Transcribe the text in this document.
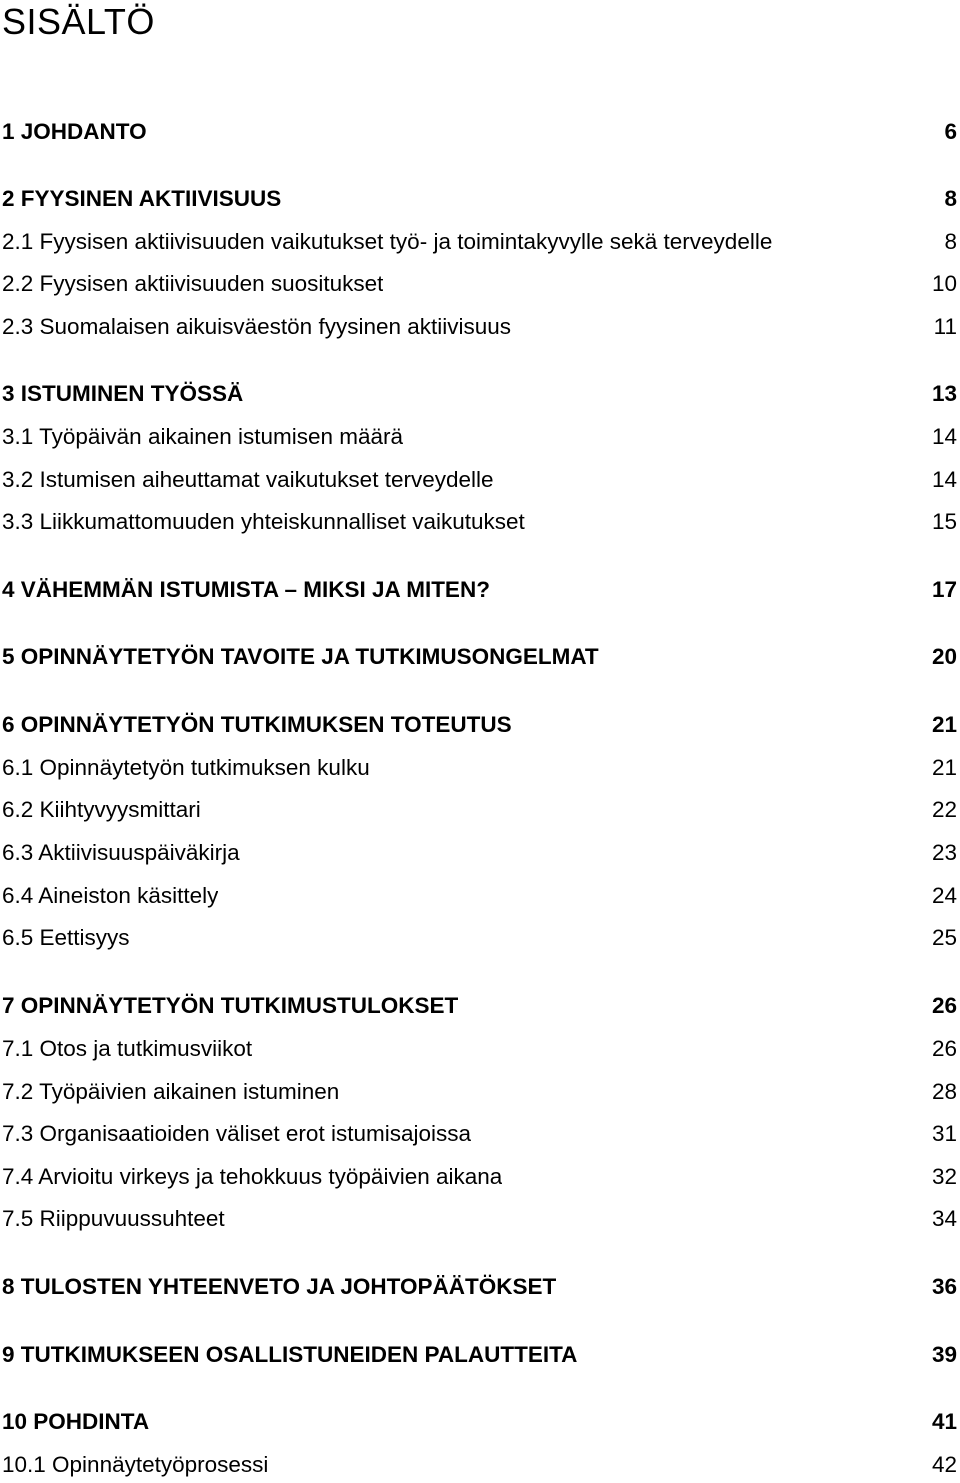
SISÄLTÖ
1 JOHDANTO	6
2 FYYSINEN AKTIIVISUUS	8
2.1 Fyysisen aktiivisuuden vaikutukset työ- ja toimintakyvylle sekä terveydelle	8
2.2 Fyysisen aktiivisuuden suositukset	10
2.3 Suomalaisen aikuisväestön fyysinen aktiivisuus	11
3 ISTUMINEN TYÖSSÄ	13
3.1 Työpäivän aikainen istumisen määrä	14
3.2 Istumisen aiheuttamat vaikutukset terveydelle	14
3.3 Liikkumattomuuden yhteiskunnalliset vaikutukset	15
4 VÄHEMMÄN ISTUMISTA – MIKSI JA MITEN?	17
5 OPINNÄYTETYÖN TAVOITE JA TUTKIMUSONGELMAT	20
6 OPINNÄYTETYÖN TUTKIMUKSEN TOTEUTUS	21
6.1 Opinnäytetyön tutkimuksen kulku	21
6.2 Kiihtyvyysmittari	22
6.3 Aktiivisuuspäiväkirja	23
6.4 Aineiston käsittely	24
6.5 Eettisyys	25
7 OPINNÄYTETYÖN TUTKIMUSTULOKSET	26
7.1 Otos ja tutkimusviikot	26
7.2 Työpäivien aikainen istuminen	28
7.3 Organisaatioiden väliset erot istumisajoissa	31
7.4 Arvioitu virkeys ja tehokkuus työpäivien aikana	32
7.5 Riippuvuussuhteet	34
8 TULOSTEN YHTEENVETO JA JOHTOPÄÄTÖKSET	36
9 TUTKIMUKSEEN OSALLISTUNEIDEN PALAUTTEITA	39
10 POHDINTA	41
10.1 Opinnäytetyöprosessi	42
